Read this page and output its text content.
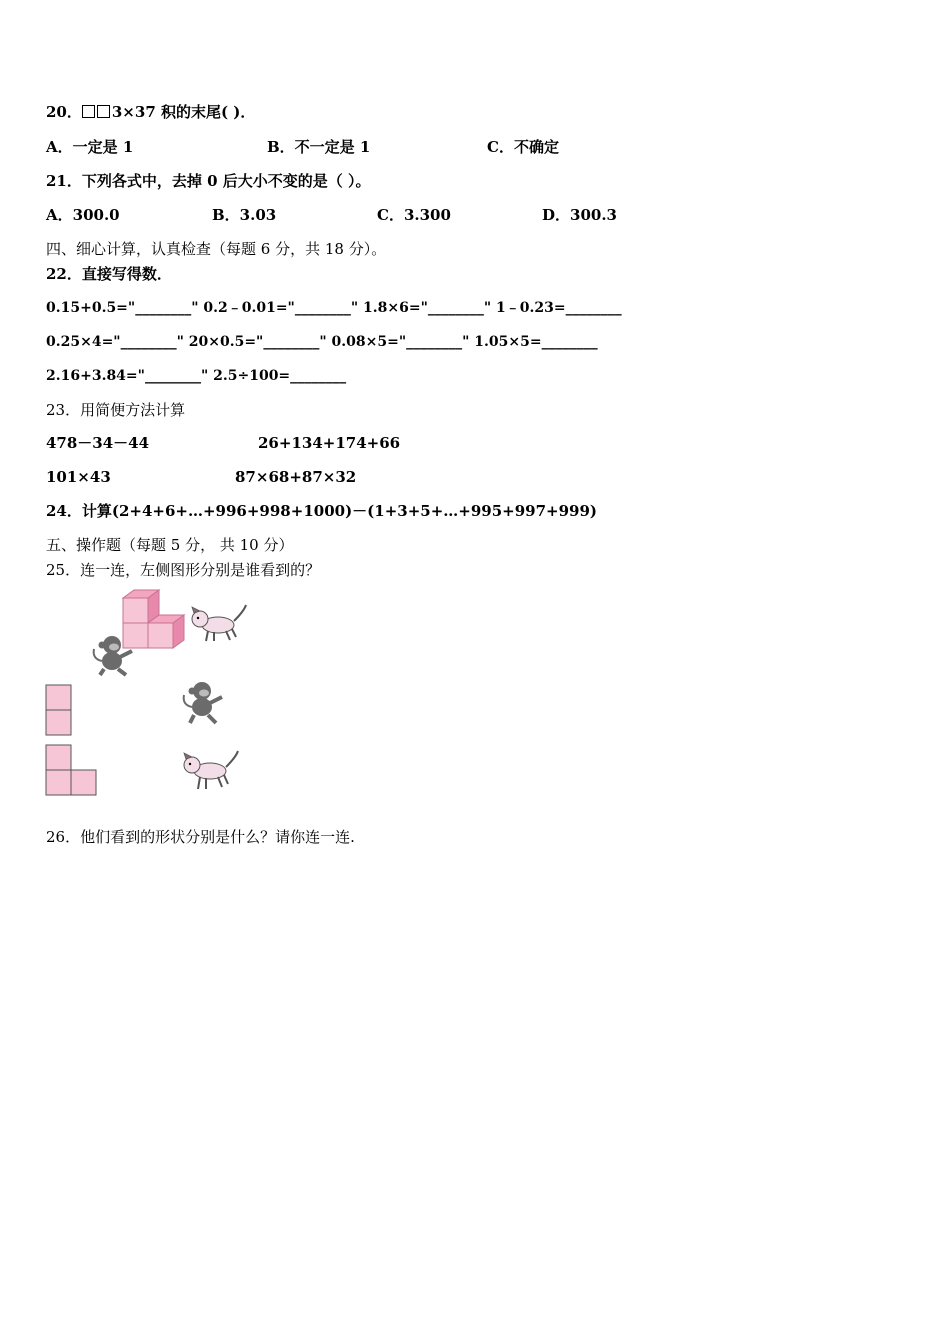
20． 3×37 积的末尾( )．
A．一定是 1	B．不一定是 1	C．不确定
21．下列各式中，去掉 0 后大小不变的是（ ）。
A．300.0	B．3.03	C．3.300	D．300.3
四、细心计算，认真检查（每题 6 分，共 18 分）。
22．直接写得数．
0.15+0.5="________" 0.2﹣0.01="________" 1.8×6="________" 1﹣0.23=________
0.25×4="________" 20×0.5="________" 0.08×5="________" 1.05×5=________
2.16+3.84="________" 2.5÷100=________
23．用简便方法计算
478－34－44	26+134+174+66
101×43	87×68+87×32
24．计算(2+4+6+…+996+998+1000)－(1+3+5+…+995+997+999)
五、操作题（每题 5 分， 共 10 分）
25．连一连，左侧图形分别是谁看到的？
26．他们看到的形状分别是什么？请你连一连.
